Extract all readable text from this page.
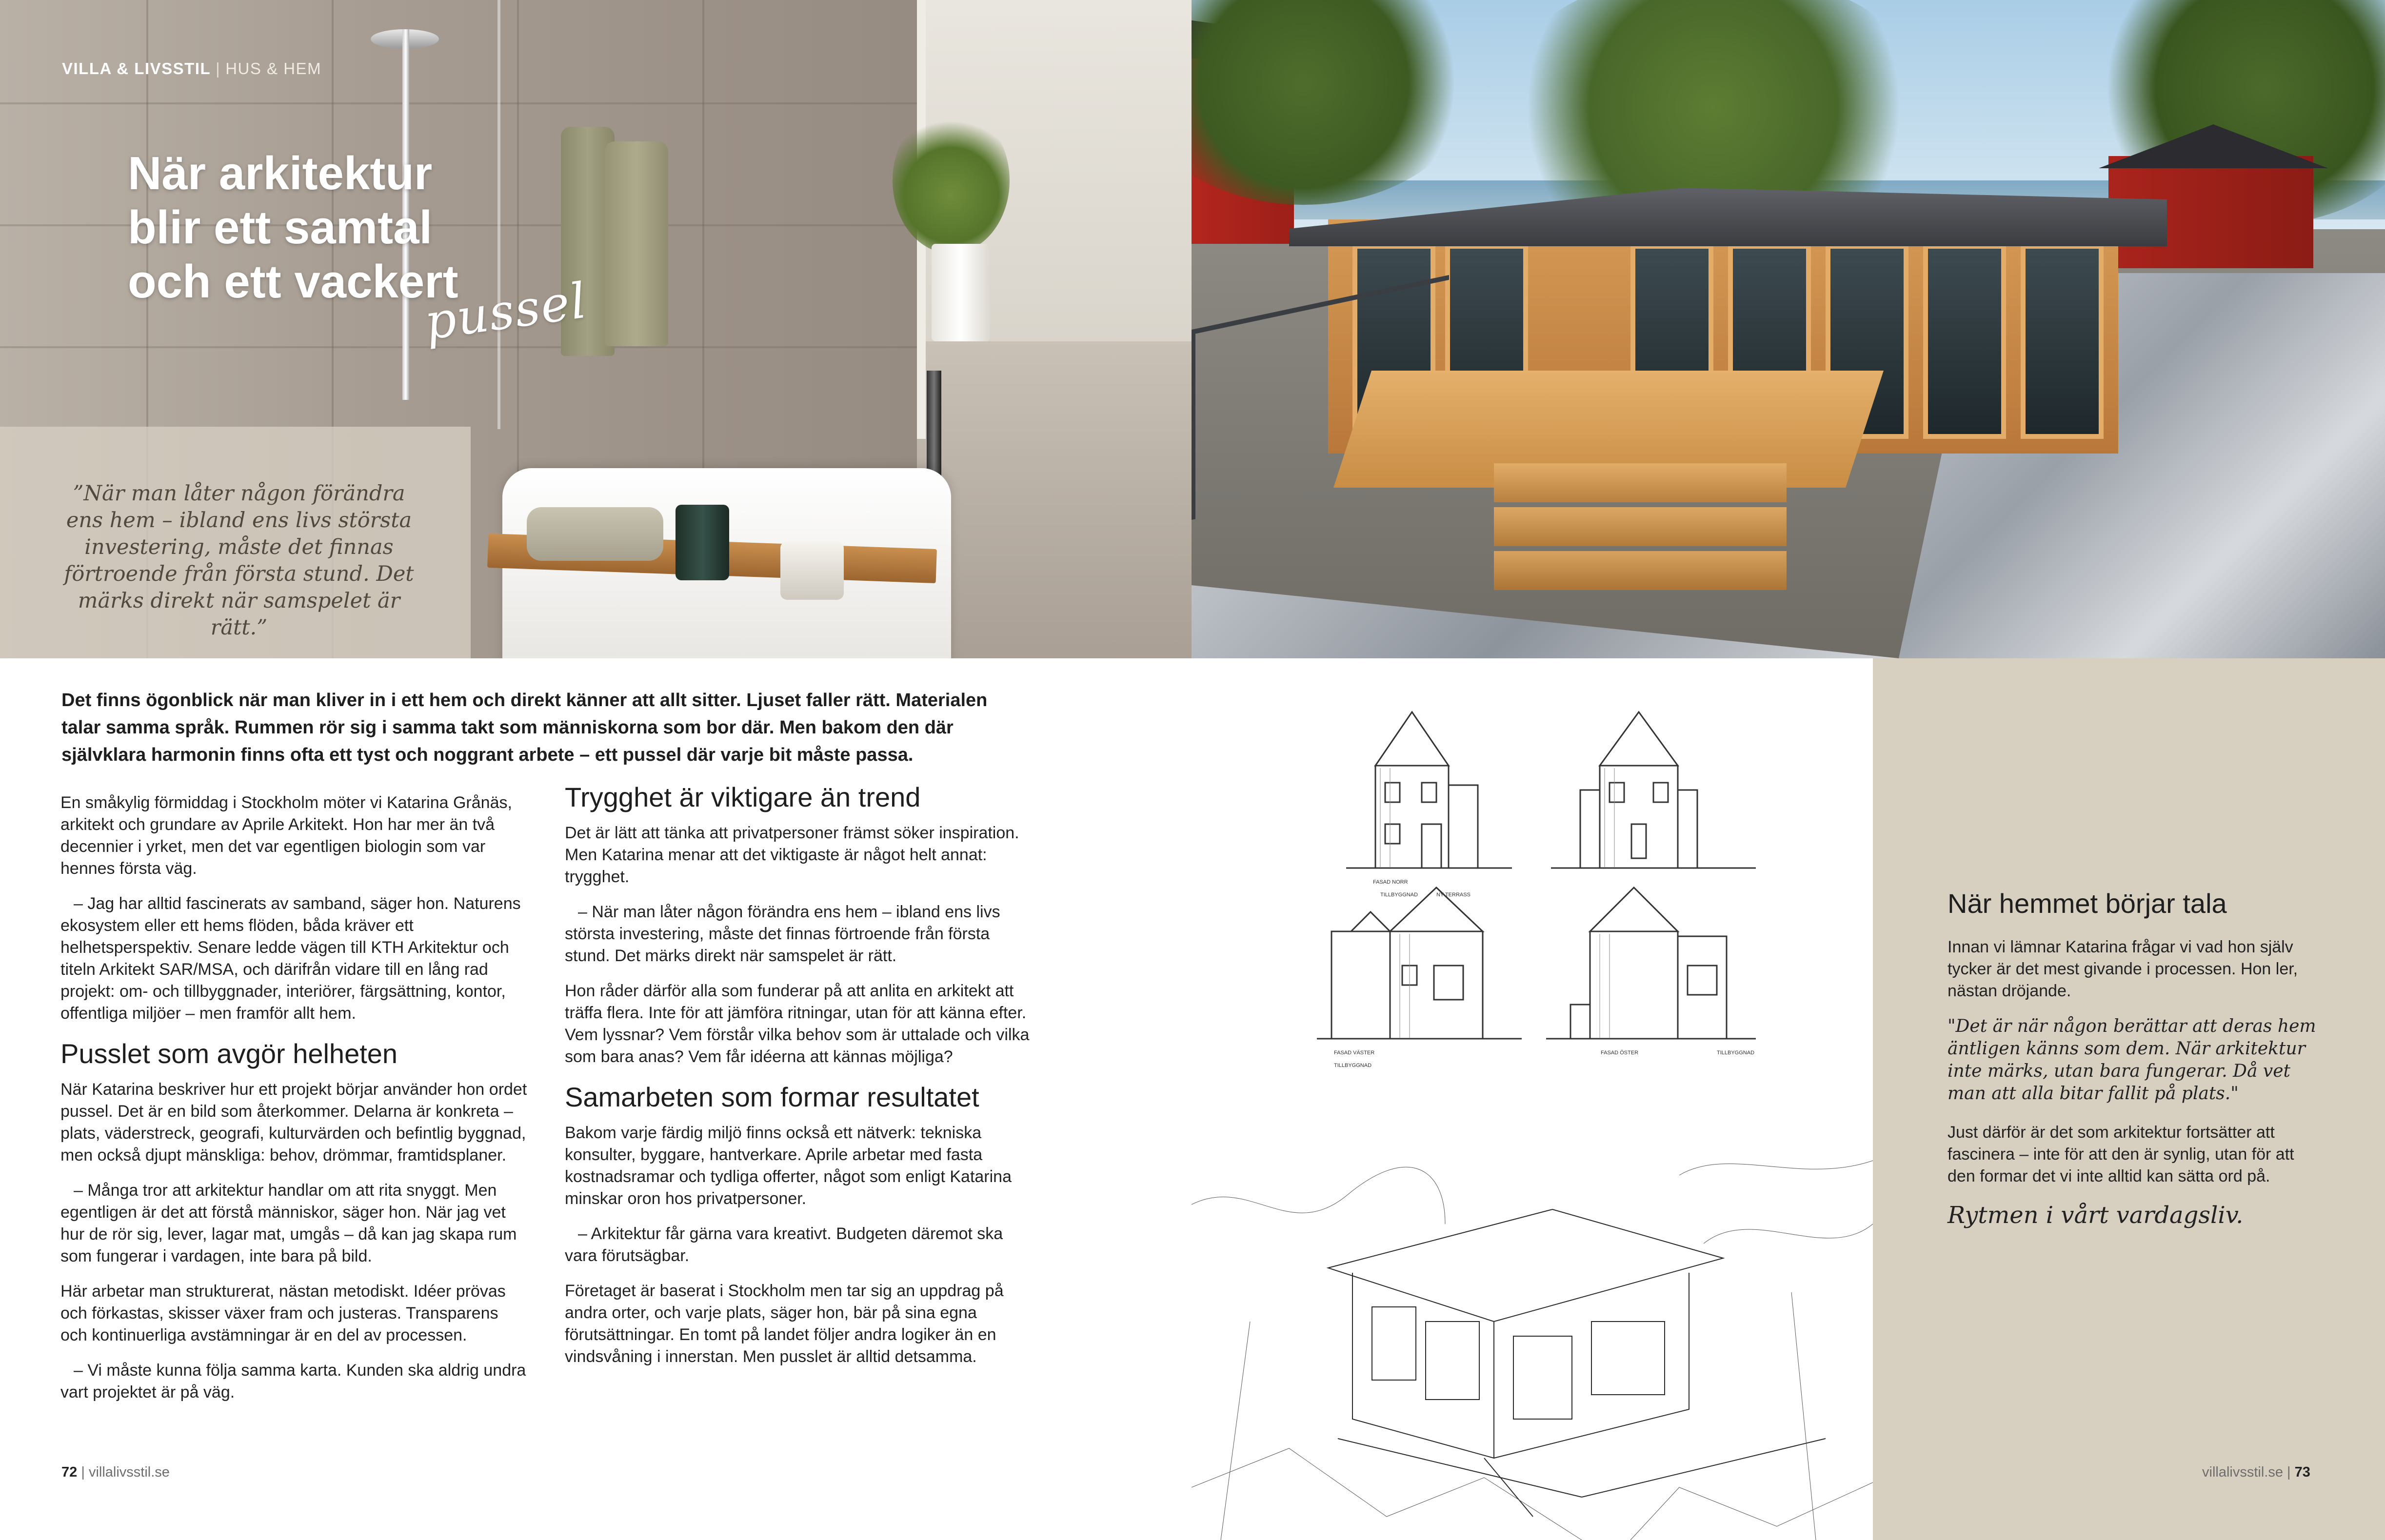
VILLA & LIVSSTIL | HUS & HEM
När arkitektur
blir ett samtal
och ett vackert
pussel
”När man låter någon förändra ens hem – ibland ens livs största investering, måste det finnas förtroende från första stund. Det märks direkt när samspelet är rätt.”
Det finns ögonblick när man kliver in i ett hem och direkt känner att allt sitter. Ljuset faller rätt. Materialen talar samma språk. Rummen rör sig i samma takt som människorna som bor där. Men bakom den där självklara harmonin finns ofta ett tyst och noggrant arbete – ett pussel där varje bit måste passa.

En småkylig förmiddag i Stockholm möter vi Katarina Grånäs, arkitekt och grundare av Aprile Arkitekt. Hon har mer än två decennier i yrket, men det var egentligen biologin som var hennes första väg.

– Jag har alltid fascinerats av samband, säger hon. Naturens ekosystem eller ett hems flöden, båda kräver ett helhetsperspektiv. Senare ledde vägen till KTH Arkitektur och titeln Arkitekt SAR/MSA, och därifrån vidare till en lång rad projekt: om- och tillbyggnader, interiörer, färgsättning, kontor, offentliga miljöer – men framför allt hem.

Pusslet som avgör helheten

När Katarina beskriver hur ett projekt börjar använder hon ordet pussel. Det är en bild som återkommer. Delarna är konkreta – plats, väderstreck, geografi, kulturvärden och befintlig byggnad, men också djupt mänskliga: behov, drömmar, framtidsplaner.

– Många tror att arkitektur handlar om att rita snyggt. Men egentligen är det att förstå människor, säger hon. När jag vet hur de rör sig, lever, lagar mat, umgås – då kan jag skapa rum som fungerar i vardagen, inte bara på bild.

Här arbetar man strukturerat, nästan metodiskt. Idéer prövas och förkastas, skisser växer fram och justeras. Transparens och kontinuerliga avstämningar är en del av processen.

– Vi måste kunna följa samma karta. Kunden ska aldrig undra vart projektet är på väg.

Trygghet är viktigare än trend

Det är lätt att tänka att privatpersoner främst söker inspiration. Men Katarina menar att det viktigaste är något helt annat: trygghet.

– När man låter någon förändra ens hem – ibland ens livs största investering, måste det finnas förtroende från första stund. Det märks direkt när samspelet är rätt.

Hon råder därför alla som funderar på att anlita en arkitekt att träffa flera. Inte för att jämföra ritningar, utan för att känna efter. Vem lyssnar? Vem förstår vilka behov som är uttalade och vilka som bara anas? Vem får idéerna att kännas möjliga?

Samarbeten som formar resultatet

Bakom varje färdig miljö finns också ett nätverk: tekniska konsulter, byggare, hantverkare. Aprile arbetar med fasta kostnadsramar och tydliga offerter, något som enligt Katarina minskar oron hos privatpersoner.

– Arkitektur får gärna vara kreativt. Budgeten däremot ska vara förutsägbar.

Företaget är baserat i Stockholm men tar sig an uppdrag på andra orter, och varje plats, säger hon, bär på sina egna förutsättningar. En tomt på landet följer andra logiker än en vindsvåning i innerstan. Men pusslet är alltid detsamma.

FASAD NORR
TILLBYGGNAD	NY TERRASS
FASAD VÄSTER
TILLBYGGNAD
FASAD ÖSTER	TILLBYGGNAD
När hemmet börjar tala

Innan vi lämnar Katarina frågar vi vad hon själv tycker är det mest givande i processen. Hon ler, nästan dröjande.

"Det är när någon berättar att deras hem äntligen känns som dem. När arkitektur inte märks, utan bara fungerar. Då vet man att alla bitar fallit på plats."

Just därför är det som arkitektur fortsätter att fascinera – inte för att den är synlig, utan för att den formar det vi inte alltid kan sätta ord på.

Rytmen i vårt vardagsliv.

72 | villalivsstil.se	villalivsstil.se | 73
